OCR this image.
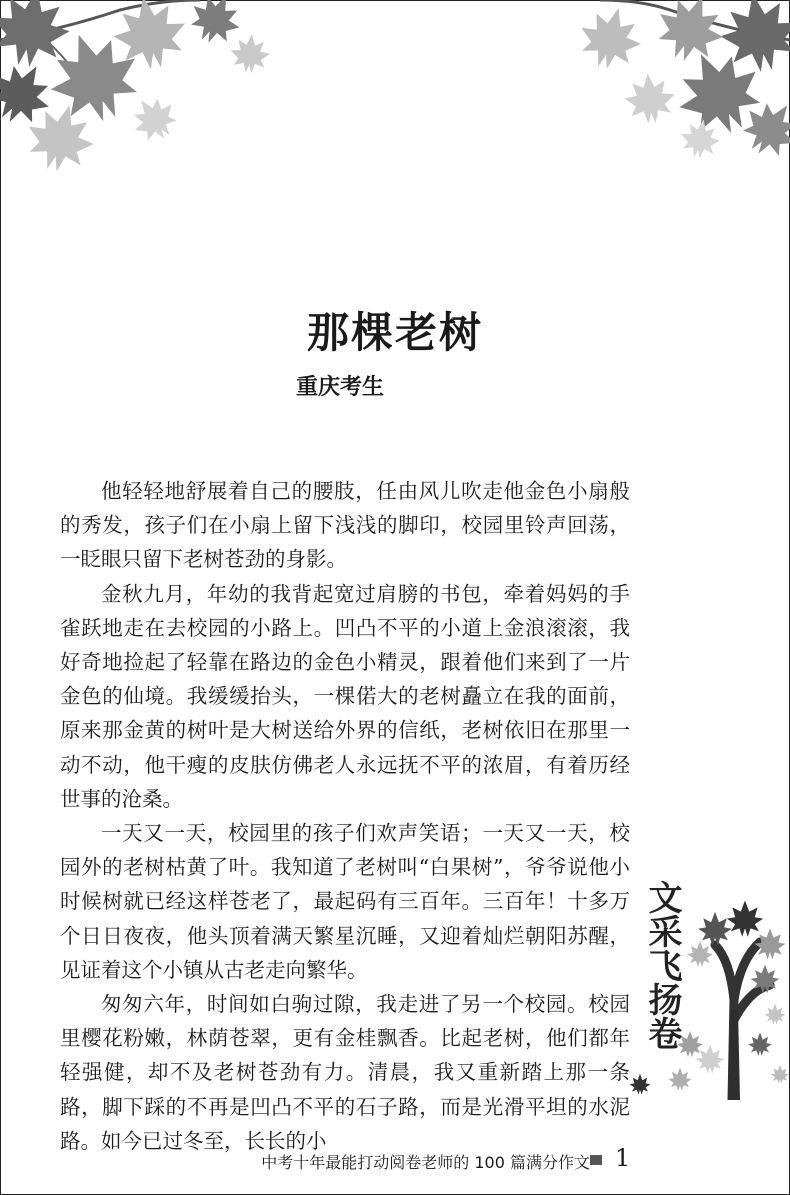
那棵老树
重庆考生

他轻轻地舒展着自己的腰肢，任由风儿吹走他金色小扇般的秀发，孩子们在小扇上留下浅浅的脚印，校园里铃声回荡，一眨眼只留下老树苍劲的身影。

金秋九月，年幼的我背起宽过肩膀的书包，牵着妈妈的手雀跃地走在去校园的小路上。凹凸不平的小道上金浪滚滚，我好奇地捡起了轻靠在路边的金色小精灵，跟着他们来到了一片金色的仙境。我缓缓抬头，一棵偌大的老树矗立在我的面前，原来那金黄的树叶是大树送给外界的信纸，老树依旧在那里一动不动，他干瘦的皮肤仿佛老人永远抚不平的浓眉，有着历经世事的沧桑。

一天又一天，校园里的孩子们欢声笑语；一天又一天，校园外的老树枯黄了叶。我知道了老树叫“白果树”，爷爷说他小时候树就已经这样苍老了，最起码有三百年。三百年！十多万个日日夜夜，他头顶着满天繁星沉睡，又迎着灿烂朝阳苏醒，见证着这个小镇从古老走向繁华。

匆匆六年，时间如白驹过隙，我走进了另一个校园。校园里樱花粉嫩，林荫苍翠，更有金桂飘香。比起老树，他们都年轻强健，却不及老树苍劲有力。清晨，我又重新踏上那一条路，脚下踩的不再是凹凸不平的石子路，而是光滑平坦的水泥路。如今已过冬至，长长的小

文采飞扬卷
中考十年最能打动阅卷老师的 100 篇满分作文 1
